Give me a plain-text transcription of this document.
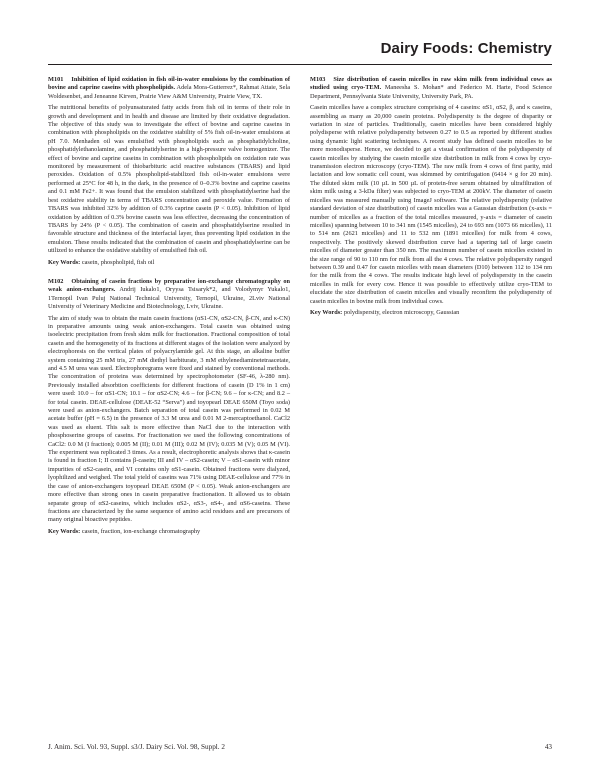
Dairy Foods: Chemistry

M101 Inhibition of lipid oxidation in fish oil-in-water emulsions by the combination of bovine and caprine caseins with phospholipids. Adela Mora-Gutierrez*, Rahmat Attaie, Sela Woldesenbet, and Jeneanne Kirven, Prairie View A&M University, Prairie View, TX.

The nutritional benefits of polyunsaturated fatty acids from fish oil in terms of their role in growth and development and in health and disease are limited by their oxidative degradation. The objective of this study was to investigate the effect of bovine and caprine caseins in combination with phospholipids on the oxidative stability of 5% fish oil-in-water emulsions at pH 7.0. Menhaden oil was emulsified with phospholipids such as phosphatidylcholine, phosphatidylethanolamine, and phosphatidylserine in a high-pressure valve homogenizer. The effect of bovine and caprine caseins in combination with phospholipids on oxidation rate was monitored by measurement of thiobarbituric acid reactive substances (TBARS) and lipid peroxides. Oxidation of 0.5% phospholipid-stabilized fish oil-in-water emulsions were performed at 25°C for 48 h, in the dark, in the presence of 0–0.3% bovine and caprine caseins and 0.1 mM Fe2+. It was found that the emulsion stabilized with phosphatidylserine had the best oxidative stability in terms of TBARS concentration and peroxide value. Formation of TBARS was inhibited 32% by addition of 0.3% caprine casein (P < 0.05). Inhibition of lipid oxidation by addition of 0.3% bovine casein was less effective, decreasing the concentration of TBARS by 24% (P < 0.05). The combination of casein and phosphatidylserine resulted in favorable structure and thickness of the interfacial layer, thus preventing lipid oxidation in the emulsion. These results indicated that the combination of casein and phosphatidylserine can be utilized to enhance the oxidative stability of emulsified fish oil.

Key Words: casein, phospholipid, fish oil

M102 Obtaining of casein fractions by preparative ion-exchange chromatography on weak anion-exchangers. Andrij Iukalo1, Oryysa Tsisaryk*2, and Volodymyr Yukalo1, 1Ternopil Ivan Puluj National Technical University, Ternopil, Ukraine, 2Lviv National University of Veterinary Medicine and Biotechnology, Lviv, Ukraine.

The aim of study was to obtain the main casein fractions (αS1-CN, αS2-CN, β-CN, and κ-CN) in preparative amounts using weak anion-exchangers. Total casein was obtained using isoelectric precipitation from fresh skim milk for fractionation. Fractional composition of total casein and the homogeneity of its fractions at different stages of the isolation were analyzed by electrophoresis on the vertical plates of polyacrylamide gel. At this stage, an alkaline buffer system containing 25 mM tris, 27 mM diethyl barbiturate, 3 mM ethylenediaminetetraacetate, and 4.5 M urea was used. Electrophoregrams were fixed and stained by conventional methods. The concentration of proteins was determined by spectrophotometer (SF-46, λ-280 nm). Previously installed absorbtion coefficients for different fractions of casein (D 1% in 1 cm) were used: 10.0 – for αS1-CN; 10.1 – for αS2-CN; 4.6 – for β-CN; 9.6 – for κ-CN; and 8.2 – for total casein. DEAE-cellulose (DEAE-52 “Serva”) and toyopearl DEAE 650M (Toyo soda) were used as anion-exchangers. Batch separation of total casein was performed in 0.02 M acetate buffer (pH = 6.5) in the presence of 3.3 M urea and 0.01 M 2-mercaptoethanol. CaCl2 was used as eluent. This salt is more effective than NaCl due to the interaction with phosphoserine groups of caseins. For fractionation we used the following concentrations of CaCl2: 0.0 M (I fraction); 0.005 M (II); 0.01 M (III); 0.02 M (IV); 0.035 M (V); 0.05 M (VI). The experiment was replicated 3 times. As a result, electrophoretic analysis shows that κ-casein is found in fraction I; II contains β-casein; III and IV – αS2-casein; V – αS1-casein with minor impurities of αS2-casein, and VI contains only αS1-casein. Obtained fractions were dialyzed, lyophilized and weighed. The total yield of caseins was 71% using DEAE-cellulose and 77% in the case of anion-exchangers toyopearl DEAE 650M (P < 0.05). Weak anion-exchangers are more effective than strong ones in casein preparative fractionation. It allowed us to obtain separate group of αS2-caseins, which includes αS2-, αS3-, αS4-, and αS6-caseins. These fractions are characterized by the same sequence of amino acid residues and are precursors of many original bioactive peptides.

Key Words: casein, fraction, ion-exchange chromatography

M103 Size distribution of casein micelles in raw skim milk from individual cows as studied using cryo-TEM. Maneesha S. Mohan* and Federico M. Harte, Food Science Department, Pennsylvania State University, University Park, PA.

Casein micelles have a complex structure comprising of 4 caseins: αS1, αS2, β, and κ caseins, assembling as many as 20,000 casein proteins. Polydispersity is the degree of disparity or variation in size of particles. Traditionally, casein micelles have been considered highly polydisperse with relative polydispersity between 0.27 to 0.5 as reported by different studies using dynamic light scattering techniques. A recent study has defined casein micelles to be more monodisperse. Hence, we decided to get a visual confirmation of the polydispersity of casein micelles by studying the casein micelle size distribution in milk from 4 cows by cryo-transmission electron microscopy (cryo-TEM). The raw milk from 4 cows of first parity, mid lactation and low somatic cell count, was skimmed by centrifugation (6414 × g for 20 min). The diluted skim milk (10 µL in 500 µL of protein-free serum obtained by ultrafiltration of skim milk using a 3-kDa filter) was subjected to cryo-TEM at 200kV. The diameter of casein micelles was measured manually using ImageJ software. The relative polydispersity (relative standard deviation of size distribution) of casein micelles was a Gaussian distribution (x-axis = number of micelles as a fraction of the total micelles measured, y-axis = diameter of casein micelles) spanning between 10 to 341 nm (1545 micelles), 24 to 693 nm (1073 66 micelles), 11 to 514 nm (2621 micelles) and 11 to 532 nm (1891 micelles) for milk from 4 cows, respectively. The positively skewed distribution curve had a tapering tail of large casein micelles of diameter greater than 350 nm. The maximum number of casein micelles existed in the size range of 90 to 110 nm for milk from all the 4 cows. The relative polydispersity ranged between 0.39 and 0.47 for casein micelles with mean diameters (D10) between 112 to 134 nm for the milk from the 4 cows. The results indicate high level of polydispersity in the casein micelles in milk for every cow. Hence it was possible to effectively utilize cryo-TEM to elucidate the size distribution of casein micelles and visually reconfirm the polydispersity of casein micelles in bovine milk from individual cows.

Key Words: polydispersity, electron microscopy, Gaussian

J. Anim. Sci. Vol. 93, Suppl. s3/J. Dairy Sci. Vol. 98, Suppl. 2	43
